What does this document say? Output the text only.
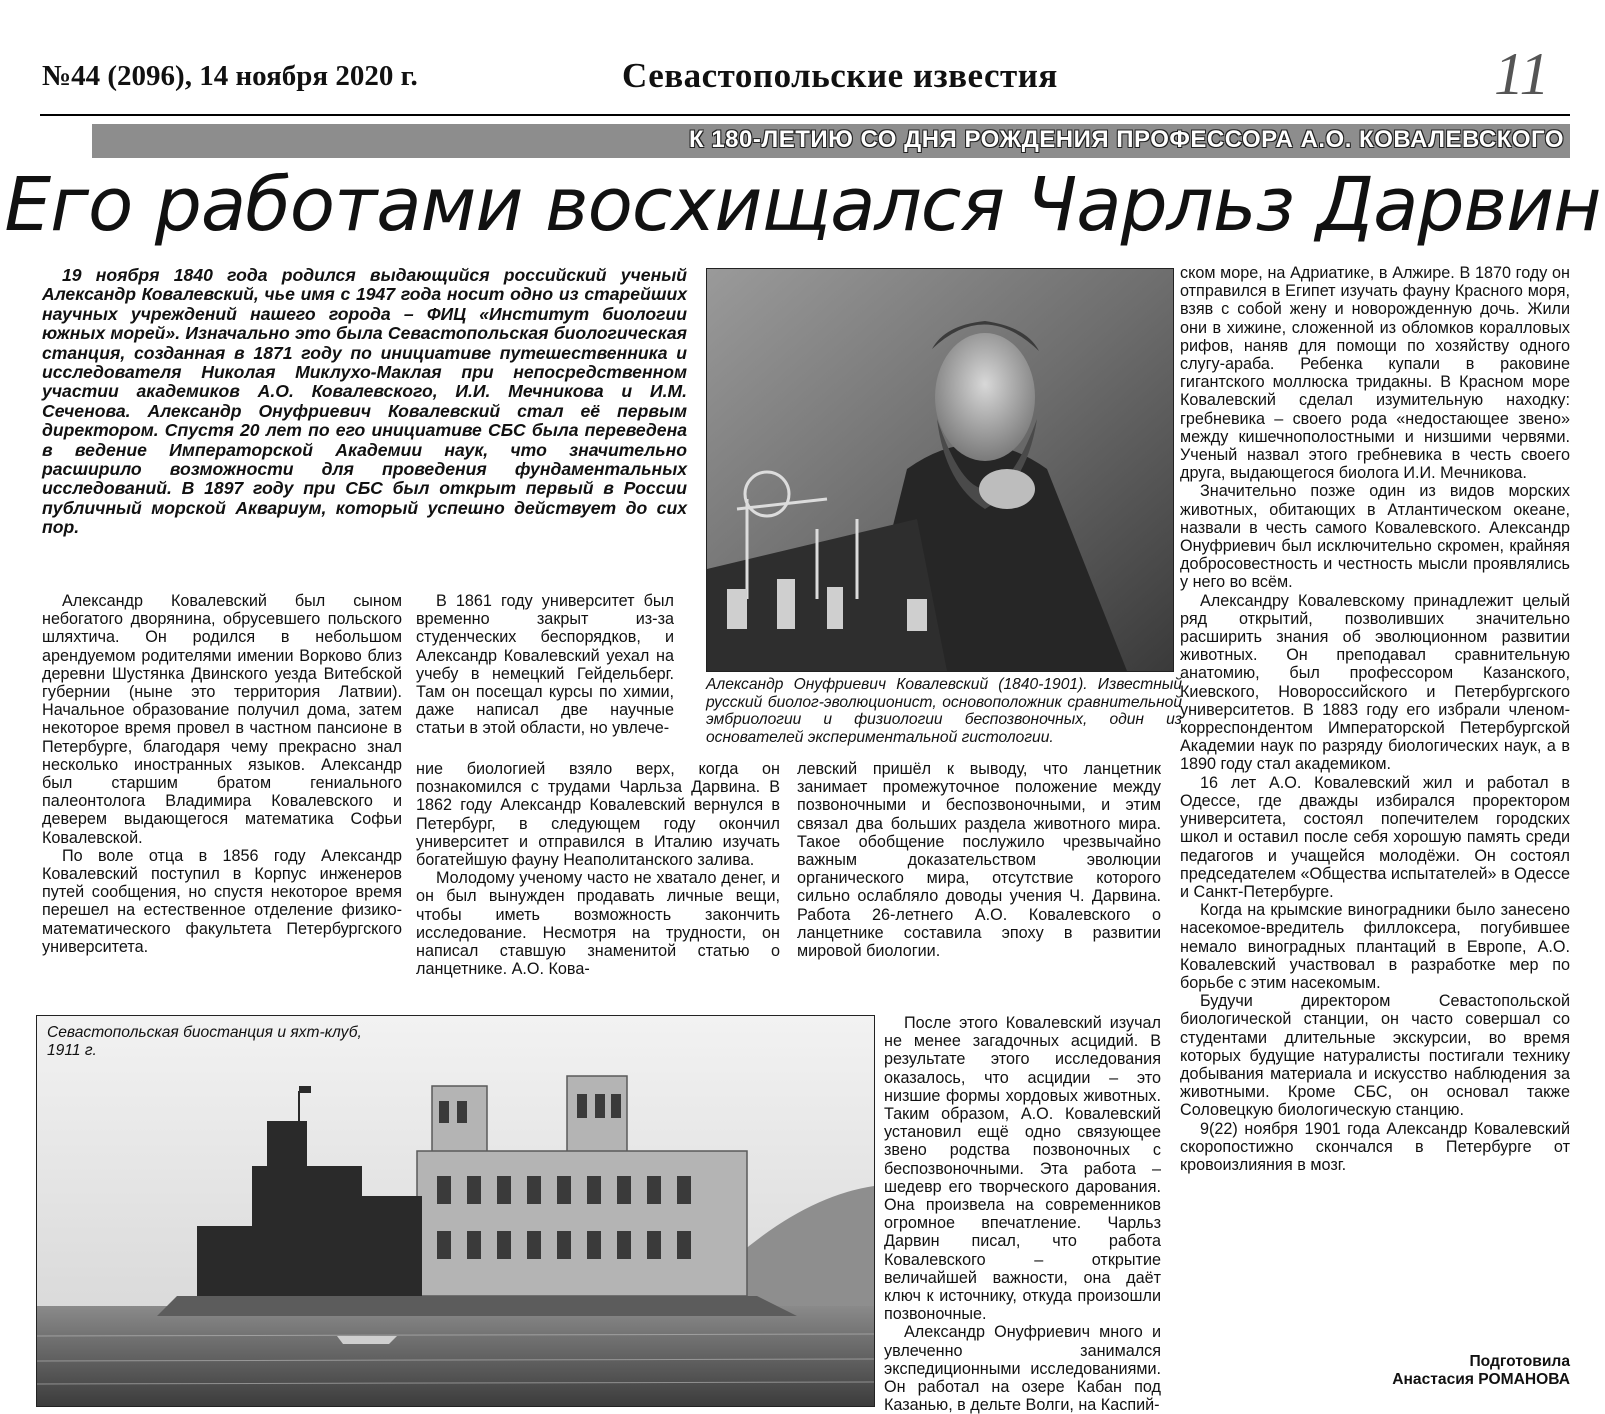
№44 (2096), 14 ноября 2020 г.	Севастопольские известия	11
К 180-ЛЕТИЮ СО ДНЯ РОЖДЕНИЯ ПРОФЕССОРА А.О. КОВАЛЕВСКОГО
Его работами восхищался Чарльз Дарвин

19 ноября 1840 года родился выдающийся российский ученый Александр Ковалевский, чье имя с 1947 года носит одно из старейших научных учреждений нашего города – ФИЦ «Институт биологии южных морей». Изначально это была Севастопольская биологическая станция, созданная в 1871 году по инициативе путешественника и исследователя Николая Миклухо-Маклая при непосредственном участии академиков А.О. Ковалевского, И.И. Мечникова и И.М. Сеченова. Александр Онуфриевич Ковалевский стал её первым директором. Спустя 20 лет по его инициативе СБС была переведена в ведение Императорской Академии наук, что значительно расширило возможности для проведения фундаментальных исследований. В 1897 году при СБС был открыт первый в России публичный морской Аквариум, который успешно действует до сих пор.

Александр Онуфриевич Ковалевский (1840-1901). Известный русский биолог-эволюционист, основоположник сравнительной эмбриологии и физиологии беспозвоночных, один из основателей экспериментальной гистологии.

Александр Ковалевский был сыном небогатого дворянина, обрусевшего польского шляхтича. Он родился в небольшом арендуемом родителями имении Ворково близ деревни Шустянка Двинского уезда Витебской губернии (ныне это территория Латвии). Начальное образование получил дома, затем некоторое время провел в частном пансионе в Петербурге, благодаря чему прекрасно знал несколько иностранных языков. Александр был старшим братом гениального палеонтолога Владимира Ковалевского и деверем выдающегося математика Софьи Ковалевской.

По воле отца в 1856 году Александр Ковалевский поступил в Корпус инженеров путей сообщения, но спустя некоторое время перешел на естественное отделение физико-математического факультета Петербургского университета.

В 1861 году университет был временно закрыт из-за студенческих беспорядков, и Александр Ковалевский уехал на учебу в немецкий Гейдельберг. Там он посещал курсы по химии, даже написал две научные статьи в этой области, но увлече-

ние биологией взяло верх, когда он познакомился с трудами Чарльза Дарвина. В 1862 году Александр Ковалевский вернулся в Петербург, в следующем году окончил университет и отправился в Италию изучать богатейшую фауну Неаполитанского залива.

Молодому ученому часто не хватало денег, и он был вынужден продавать личные вещи, чтобы иметь возможность закончить исследование. Несмотря на трудности, он написал ставшую знаменитой статью о ланцетнике. А.О. Кова-

левский пришёл к выводу, что ланцетник занимает промежуточное положение между позвоночными и беспозвоночными, и этим связал два больших раздела животного мира. Такое обобщение послужило чрезвычайно важным доказательством эволюции органического мира, отсутствие которого сильно ослабляло доводы учения Ч. Дарвина. Работа 26-летнего А.О. Ковалевского о ланцетнике составила эпоху в развитии мировой биологии.

После этого Ковалевский изучал не менее загадочных асцидий. В результате этого исследования оказалось, что асцидии – это низшие формы хордовых животных. Таким образом, А.О. Ковалевский установил ещё одно связующее звено родства позвоночных с беспозвоночными. Эта работа – шедевр его творческого дарования. Она произвела на современников огромное впечатление. Чарльз Дарвин писал, что работа Ковалевского – открытие величайшей важности, она даёт ключ к источнику, откуда произошли позвоночные.

Александр Онуфриевич много и увлеченно занимался экспедиционными исследованиями. Он работал на озере Кабан под Казанью, в дельте Волги, на Каспий-

ском море, на Адриатике, в Алжире. В 1870 году он отправился в Египет изучать фауну Красного моря, взяв с собой жену и новорожденную дочь. Жили они в хижине, сложенной из обломков коралловых рифов, наняв для помощи по хозяйству одного слугу-араба. Ребенка купали в раковине гигантского моллюска тридакны. В Красном море Ковалевский сделал изумительную находку: гребневика – своего рода «недостающее звено» между кишечнополостными и низшими червями. Ученый назвал этого гребневика в честь своего друга, выдающегося биолога И.И. Мечникова.

Значительно позже один из видов морских животных, обитающих в Атлантическом океане, назвали в честь самого Ковалевского. Александр Онуфриевич был исключительно скромен, крайняя добросовестность и честность мысли проявлялись у него во всём.

Александру Ковалевскому принадлежит целый ряд открытий, позволивших значительно расширить знания об эволюционном развитии животных. Он преподавал сравнительную анатомию, был профессором Казанского, Киевского, Новороссийского и Петербургского университетов. В 1883 году его избрали членом-корреспондентом Императорской Петербургской Академии наук по разряду биологических наук, а в 1890 году стал академиком.

16 лет А.О. Ковалевский жил и работал в Одессе, где дважды избирался проректором университета, состоял попечителем городских школ и оставил после себя хорошую память среди педагогов и учащейся молодёжи. Он состоял председателем «Общества испытателей» в Одессе и Санкт-Петербурге.

Когда на крымские виноградники было занесено насекомое-вредитель филлоксера, погубившее немало виноградных плантаций в Европе, А.О. Ковалевский участвовал в разработке мер по борьбе с этим насекомым.

Будучи директором Севастопольской биологической станции, он часто совершал со студентами длительные экскурсии, во время которых будущие натуралисты постигали технику добывания материала и искусство наблюдения за животными. Кроме СБС, он основал также Соловецкую биологическую станцию.

9(22) ноября 1901 года Александр Ковалевский скоропостижно скончался в Петербурге от кровоизлияния в мозг.

Севастопольская биостанция и яхт-клуб, 1911 г.
Подготовила
Анастасия РОМАНОВА
